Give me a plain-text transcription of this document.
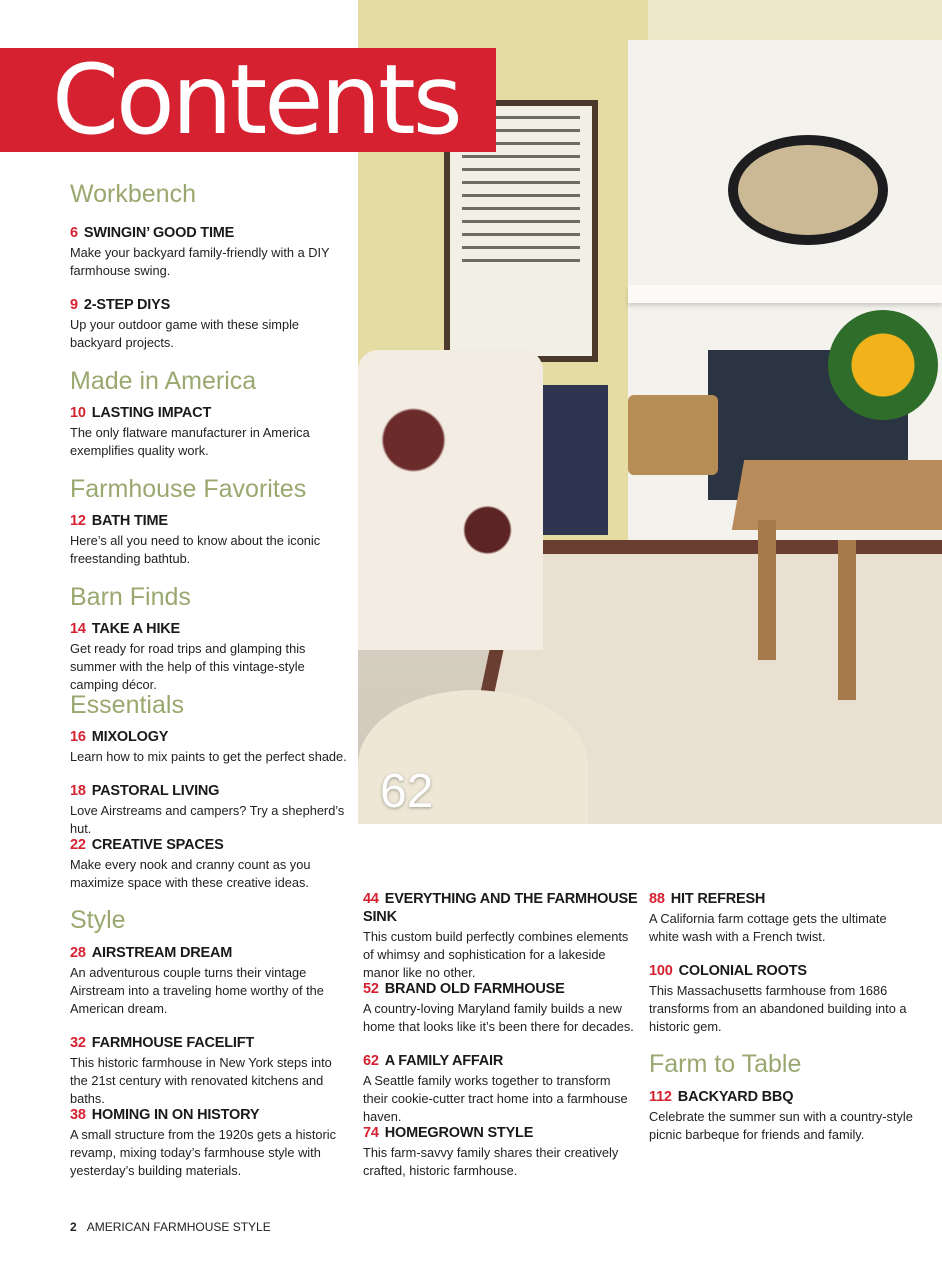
62
Contents
Workbench
6 SWINGIN’ GOOD TIME
Make your backyard family-friendly with a DIY farmhouse swing.
9 2-STEP DIYS
Up your outdoor game with these simple backyard projects.
Made in America
10 LASTING IMPACT
The only flatware manufacturer in America exemplifies quality work.
Farmhouse Favorites
12 BATH TIME
Here’s all you need to know about the iconic freestanding bathtub.
Barn Finds
14 TAKE A HIKE
Get ready for road trips and glamping this summer with the help of this vintage-style camping décor.
Essentials
16 MIXOLOGY
Learn how to mix paints to get the perfect shade.
18 PASTORAL LIVING
Love Airstreams and campers? Try a shepherd’s hut.
22 CREATIVE SPACES
Make every nook and cranny count as you maximize space with these creative ideas.
Style
28 AIRSTREAM DREAM
An adventurous couple turns their vintage Airstream into a traveling home worthy of the American dream.
32 FARMHOUSE FACELIFT
This historic farmhouse in New York steps into the 21st century with renovated kitchens and baths.
38 HOMING IN ON HISTORY
A small structure from the 1920s gets a historic revamp, mixing today’s farmhouse style with yesterday’s building materials.
44 EVERYTHING AND THE FARMHOUSE SINK
This custom build perfectly combines elements of whimsy and sophistication for a lakeside manor like no other.
52 BRAND OLD FARMHOUSE
A country-loving Maryland family builds a new home that looks like it’s been there for decades.
62 A FAMILY AFFAIR
A Seattle family works together to transform their cookie-cutter tract home into a farmhouse haven.
74 HOMEGROWN STYLE
This farm-savvy family shares their creatively crafted, historic farmhouse.
88 HIT REFRESH
A California farm cottage gets the ultimate white wash with a French twist.
100 COLONIAL ROOTS
This Massachusetts farmhouse from 1686 transforms from an abandoned building into a historic gem.
Farm to Table
112 BACKYARD BBQ
Celebrate the summer sun with a country-style picnic barbeque for friends and family.
2 AMERICAN FARMHOUSE STYLE
